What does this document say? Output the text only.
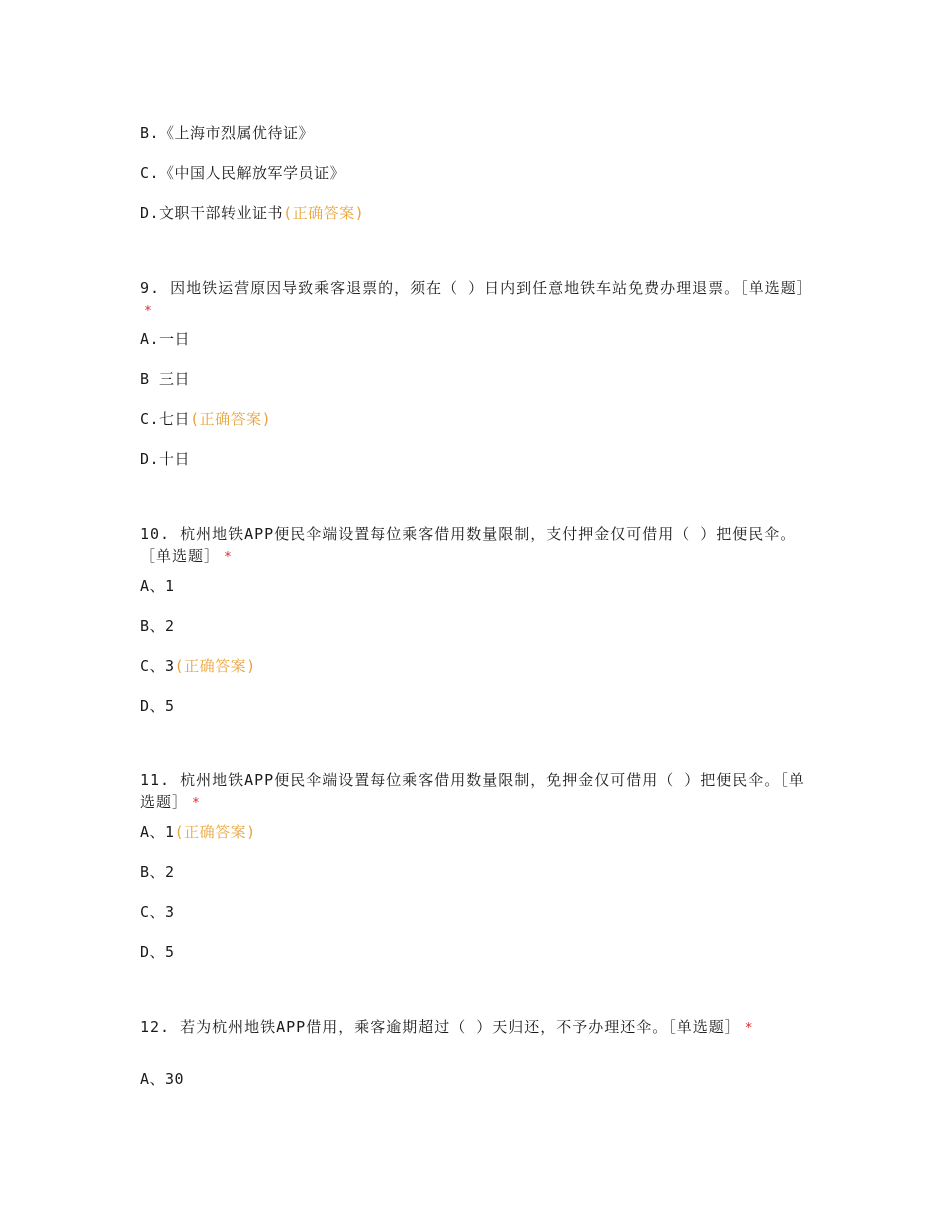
B.《上海市烈属优待证》
C.《中国人民解放军学员证》
D.文职干部转业证书(正确答案)
9. 因地铁运营原因导致乘客退票的，须在（ ）日内到任意地铁车站免费办理退票。［单选题］*
A.一日
B 三日
C.七日(正确答案)
D.十日
10. 杭州地铁APP便民伞端设置每位乘客借用数量限制，支付押金仅可借用（ ）把便民伞。［单选题］ *
A、1
B、2
C、3(正确答案)
D、5
11. 杭州地铁APP便民伞端设置每位乘客借用数量限制，免押金仅可借用（ ）把便民伞。［单选题］ *
A、1(正确答案)
B、2
C、3
D、5
12. 若为杭州地铁APP借用，乘客逾期超过（ ）天归还，不予办理还伞。［单选题］ *
A、30
